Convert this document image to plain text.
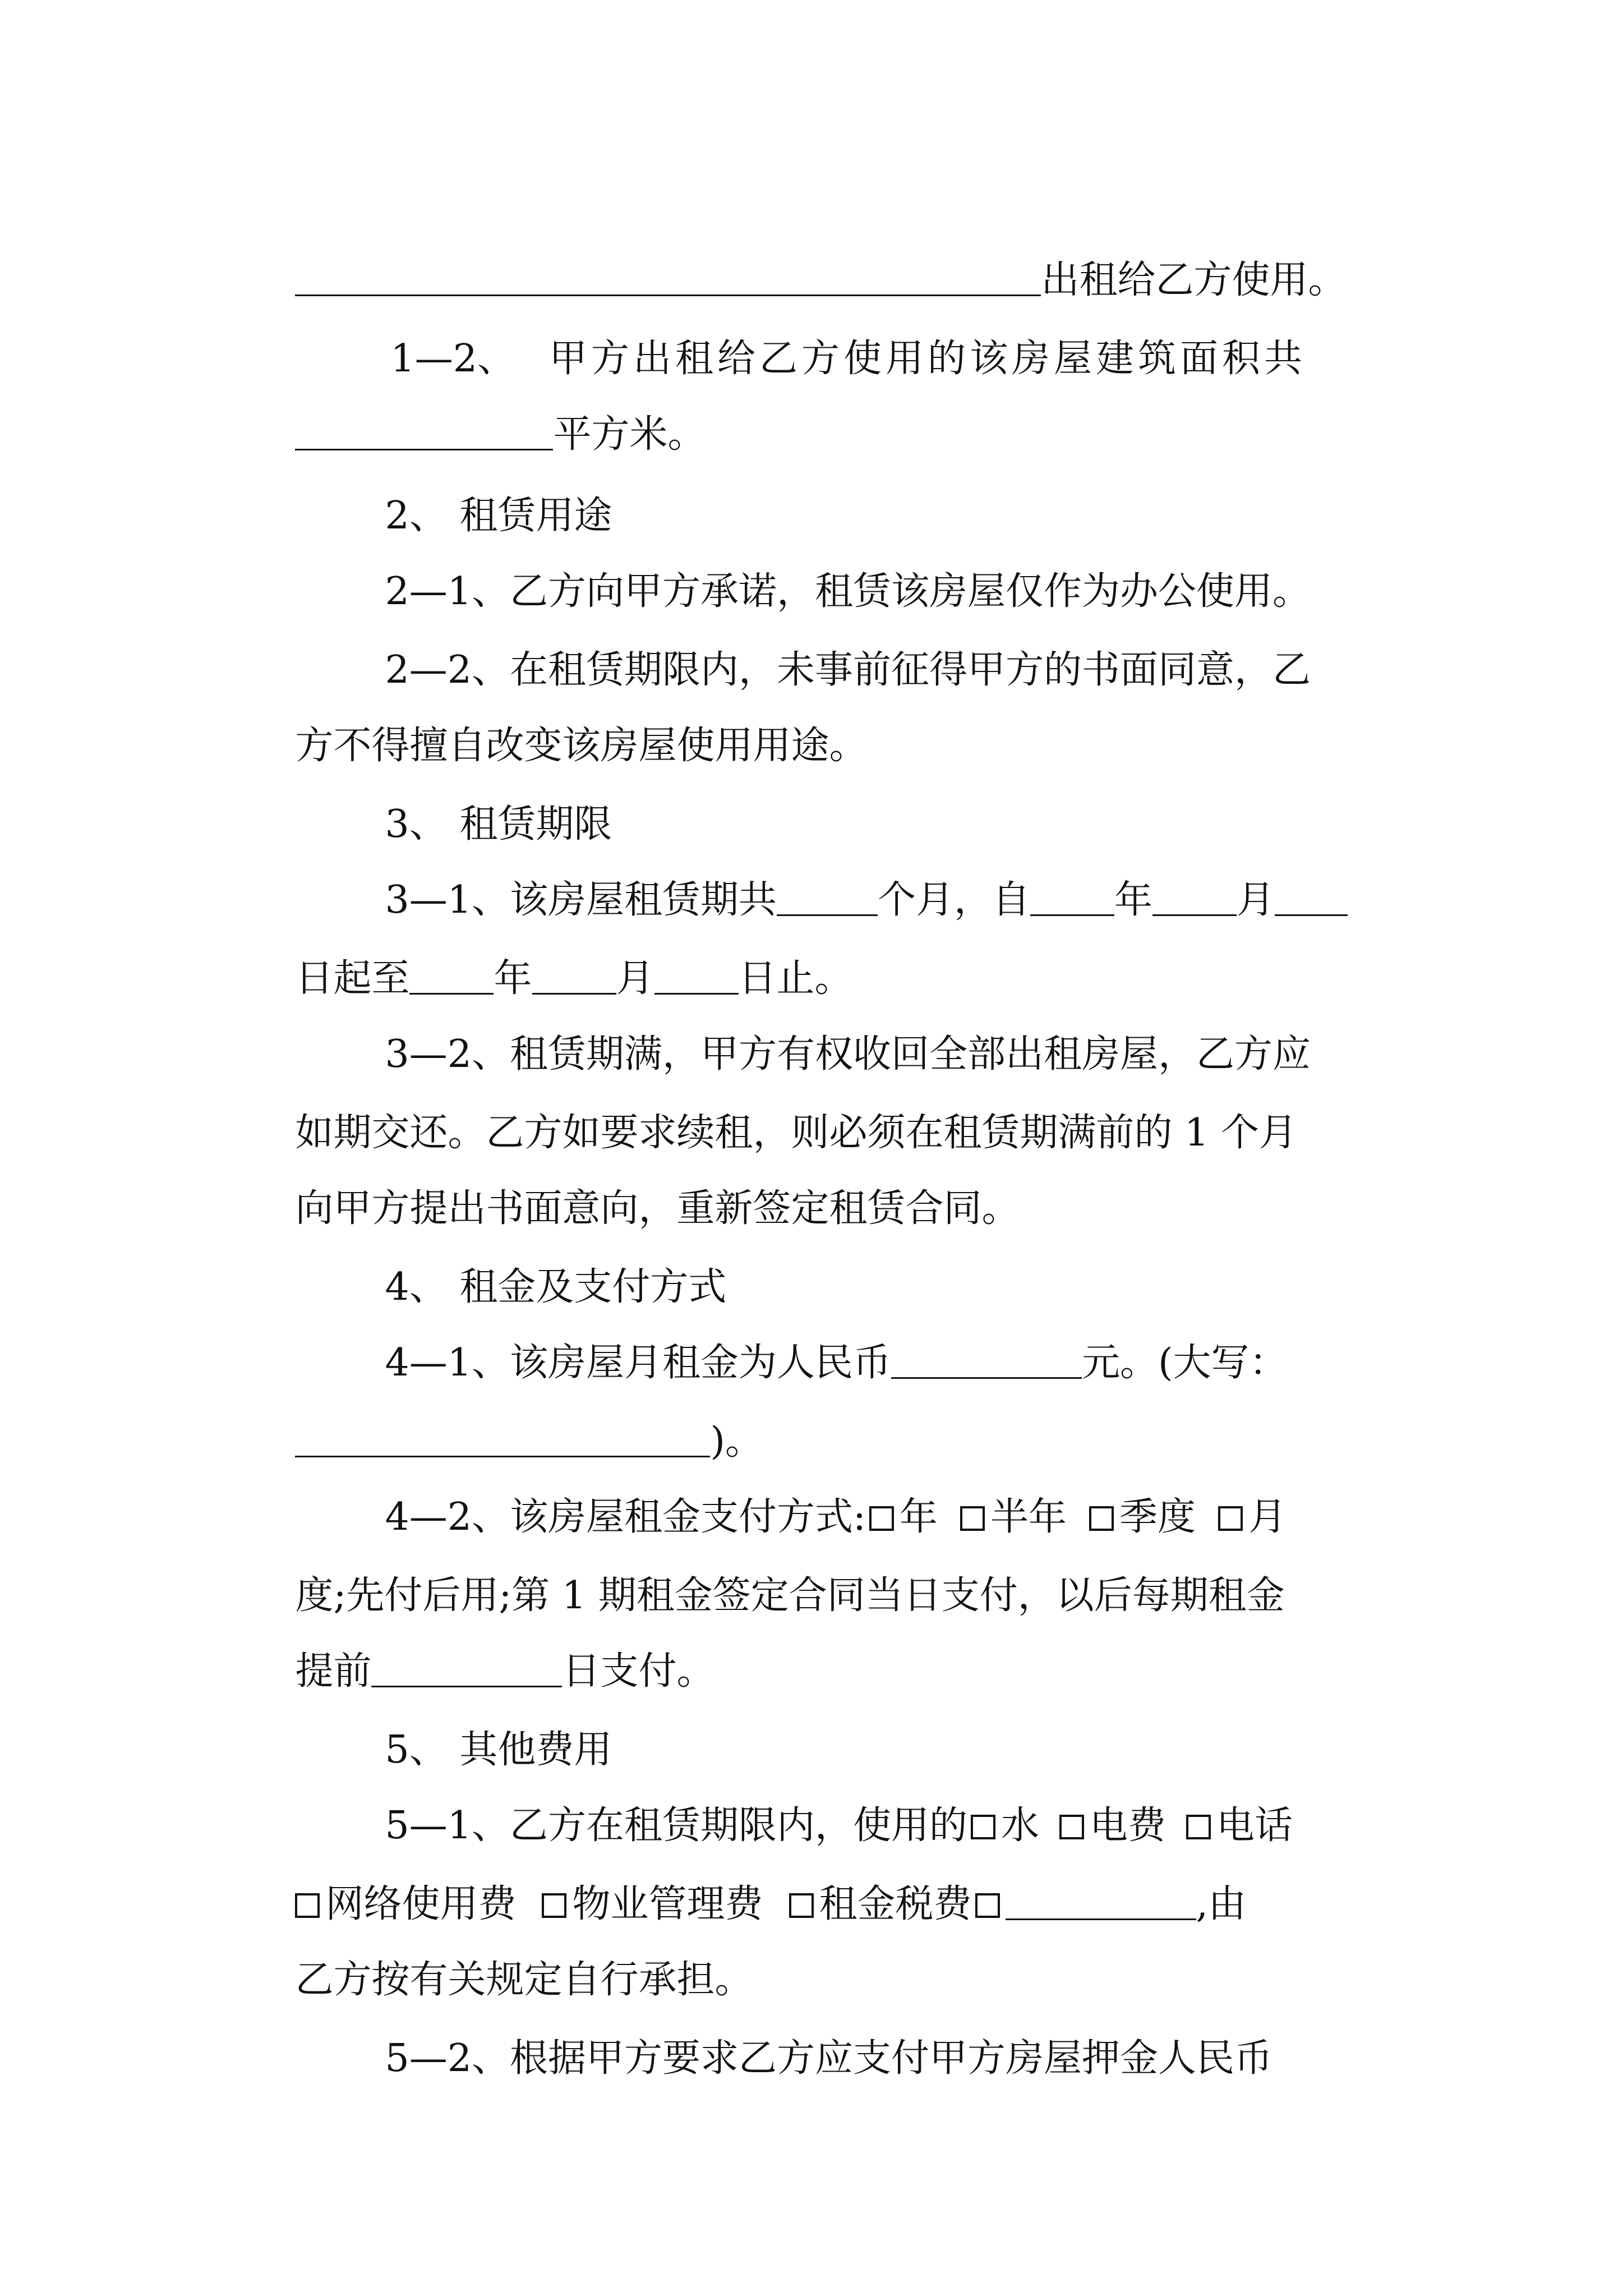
出租给乙方使用。

1—2、 甲方出租给乙方使用的该房屋建筑面积共

平方米。

2、 租赁用途

2—1、乙方向甲方承诺，租赁该房屋仅作为办公使用。

2—2、在租赁期限内，未事前征得甲方的书面同意，乙

方不得擅自改变该房屋使用用途。

3、 租赁期限

3—1、该房屋租赁期共	个月，自 年 月

日起至 年 月 日止。

3—2、租赁期满，甲方有权收回全部出租房屋，乙方应

如期交还。乙方如要求续租，则必须在租赁期满前的 1 个月

向甲方提出书面意向，重新签定租赁合同。

4、 租金及支付方式

4—1、该房屋月租金为人民币	元。(大写：

)。

4—2、该房屋租金支付方式: 年 半年 季度 月

度;先付后用;第 1 期租金签定合同当日支付，以后每期租金

提前	日支付。

5、 其他费用

5—1、乙方在租赁期限内，使用的 水 电费 电话

网络使用费 物业管理费 租金税费	,由

乙方按有关规定自行承担。

5—2、根据甲方要求乙方应支付甲方房屋押金人民币
